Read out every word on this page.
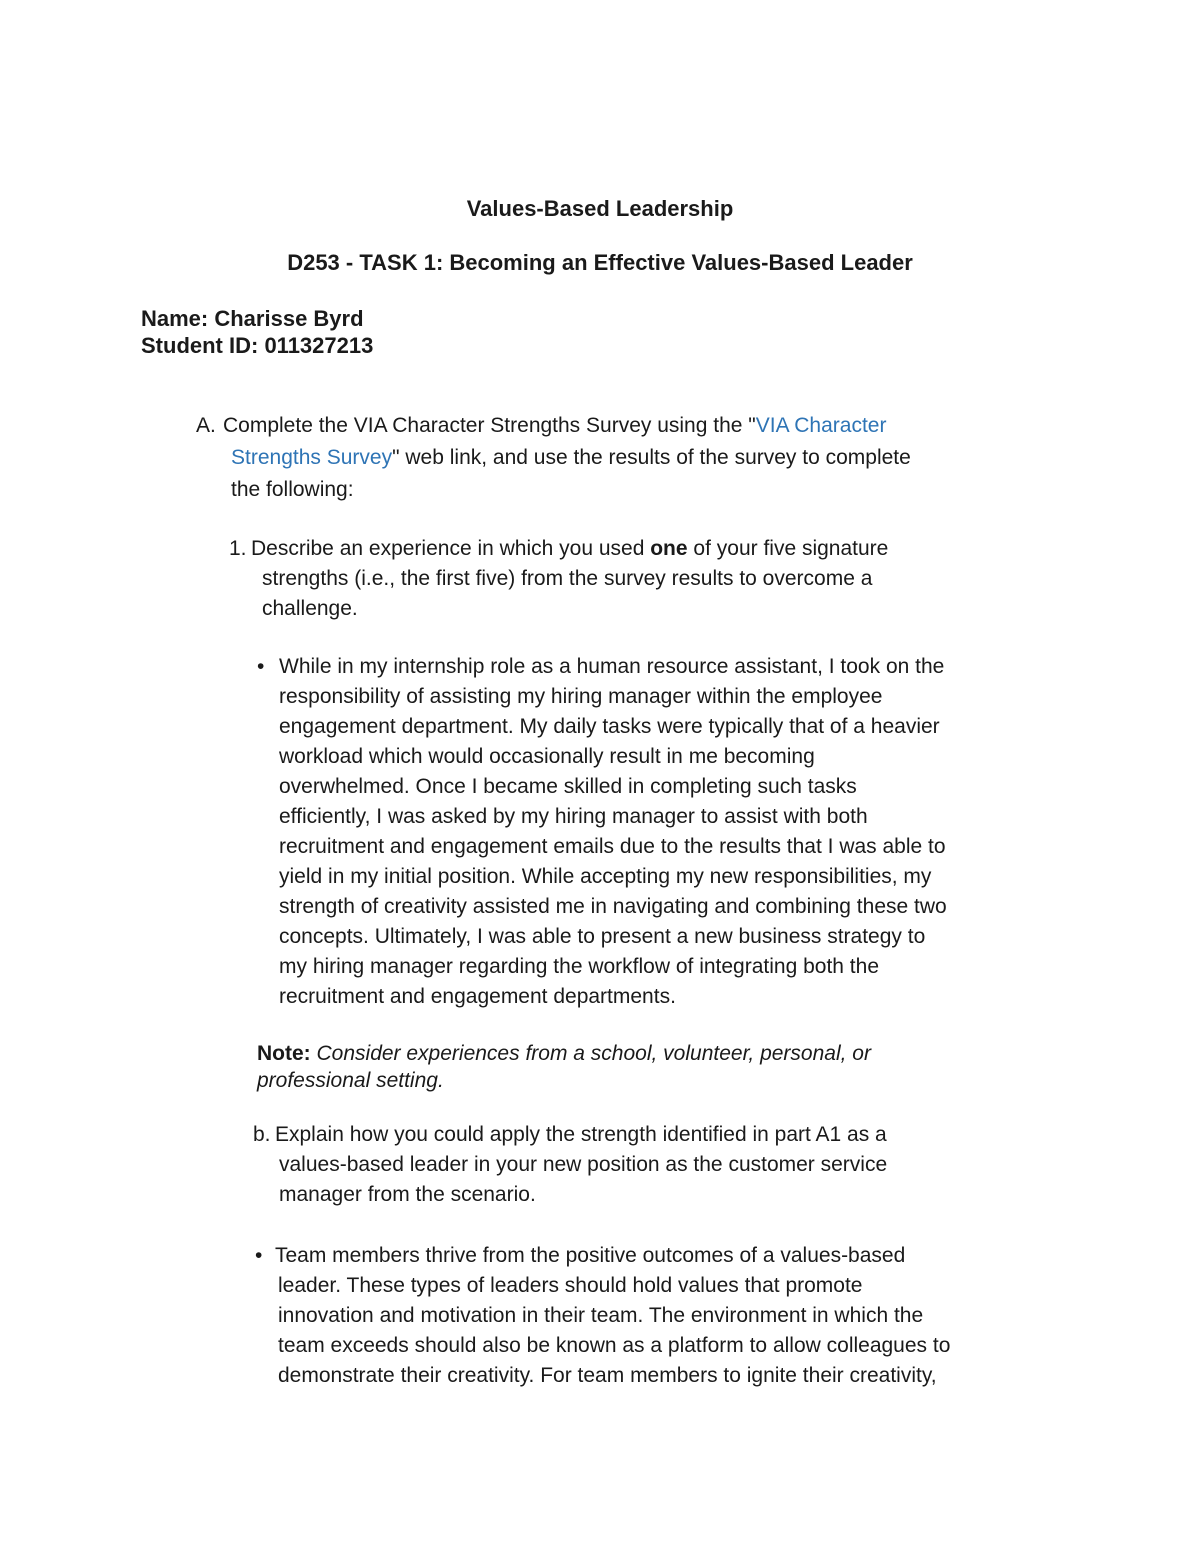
Values-Based Leadership
D253 - TASK 1: Becoming an Effective Values-Based Leader
Name: Charisse Byrd
Student ID: 011327213
A. Complete the VIA Character Strengths Survey using the "VIA Character
Strengths Survey" web link, and use the results of the survey to complete
the following:
1. Describe an experience in which you used one of your five signature
strengths (i.e., the first five) from the survey results to overcome a
challenge.
• While in my internship role as a human resource assistant, I took on the
responsibility of assisting my hiring manager within the employee
engagement department. My daily tasks were typically that of a heavier
workload which would occasionally result in me becoming
overwhelmed. Once I became skilled in completing such tasks
efficiently, I was asked by my hiring manager to assist with both
recruitment and engagement emails due to the results that I was able to
yield in my initial position. While accepting my new responsibilities, my
strength of creativity assisted me in navigating and combining these two
concepts. Ultimately, I was able to present a new business strategy to
my hiring manager regarding the workflow of integrating both the
recruitment and engagement departments.
Note: Consider experiences from a school, volunteer, personal, or
professional setting.
b. Explain how you could apply the strength identified in part A1 as a
values-based leader in your new position as the customer service
manager from the scenario.
• Team members thrive from the positive outcomes of a values-based
leader. These types of leaders should hold values that promote
innovation and motivation in their team. The environment in which the
team exceeds should also be known as a platform to allow colleagues to
demonstrate their creativity. For team members to ignite their creativity,
